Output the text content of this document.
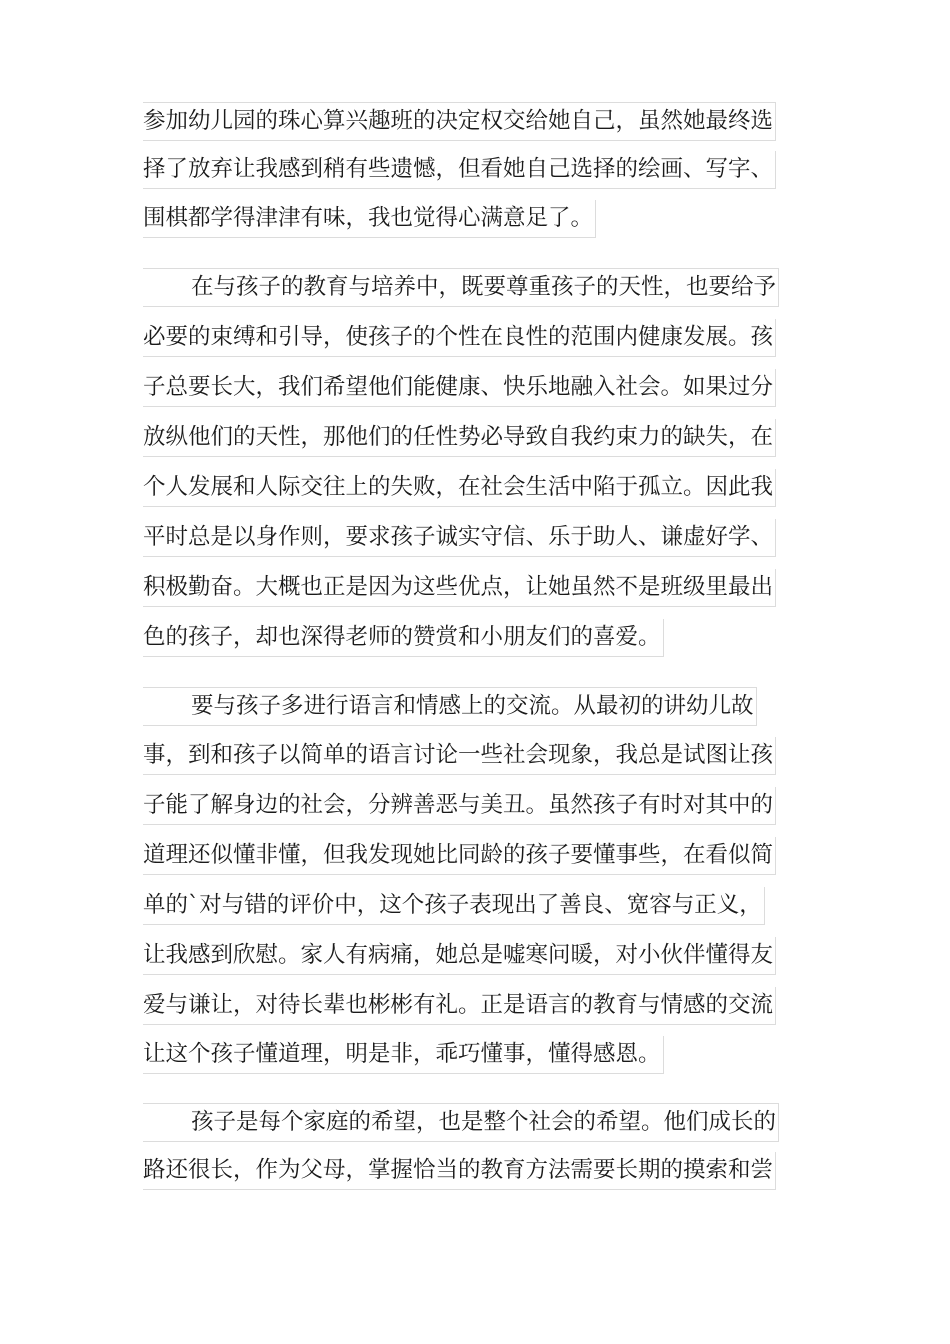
参加幼儿园的珠心算兴趣班的决定权交给她自己，虽然她最终选
择了放弃让我感到稍有些遗憾，但看她自己选择的绘画、写字、
围棋都学得津津有味，我也觉得心满意足了。
在与孩子的教育与培养中，既要尊重孩子的天性，也要给予
必要的束缚和引导，使孩子的个性在良性的范围内健康发展。孩
子总要长大，我们希望他们能健康、快乐地融入社会。如果过分
放纵他们的天性，那他们的任性势必导致自我约束力的缺失，在
个人发展和人际交往上的失败，在社会生活中陷于孤立。因此我
平时总是以身作则，要求孩子诚实守信、乐于助人、谦虚好学、
积极勤奋。大概也正是因为这些优点，让她虽然不是班级里最出
色的孩子，却也深得老师的赞赏和小朋友们的喜爱。
要与孩子多进行语言和情感上的交流。从最初的讲幼儿故
事，到和孩子以简单的语言讨论一些社会现象，我总是试图让孩
子能了解身边的社会，分辨善恶与美丑。虽然孩子有时对其中的
道理还似懂非懂，但我发现她比同龄的孩子要懂事些，在看似简
单的`对与错的评价中，这个孩子表现出了善良、宽容与正义，
让我感到欣慰。家人有病痛，她总是嘘寒问暖，对小伙伴懂得友
爱与谦让，对待长辈也彬彬有礼。正是语言的教育与情感的交流
让这个孩子懂道理，明是非，乖巧懂事，懂得感恩。
孩子是每个家庭的希望，也是整个社会的希望。他们成长的
路还很长，作为父母，掌握恰当的教育方法需要长期的摸索和尝
